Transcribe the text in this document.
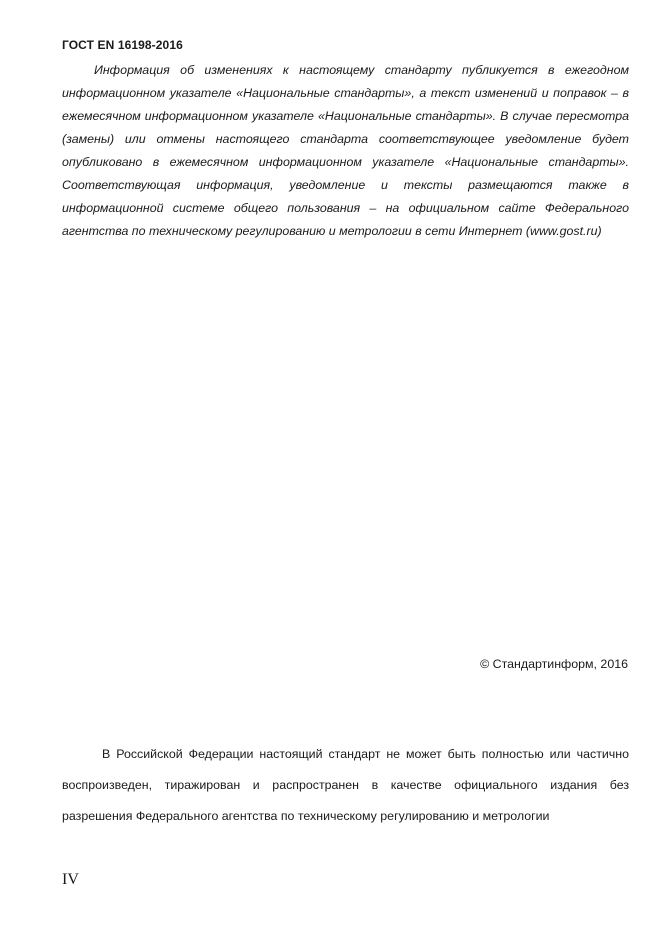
ГОСТ EN 16198-2016

Информация об изменениях к настоящему стандарту публикуется в ежегодном информационном указателе «Национальные стандарты», а текст изменений и поправок – в ежемесячном информационном указателе «Национальные стандарты». В случае пересмотра (замены) или отмены настоящего стандарта соответствующее уведомление будет опубликовано в ежемесячном информационном указателе «Национальные стандарты». Соответствующая информация, уведомление и тексты размещаются также в информационной системе общего пользования – на официальном сайте Федерального агентства по техническому регулированию и метрологии в сети Интернет (www.gost.ru)

© Стандартинформ, 2016

В Российской Федерации настоящий стандарт не может быть полностью или частично воспроизведен, тиражирован и распространен в качестве официального издания без разрешения Федерального агентства по техническому регулированию и метрологии

IV
